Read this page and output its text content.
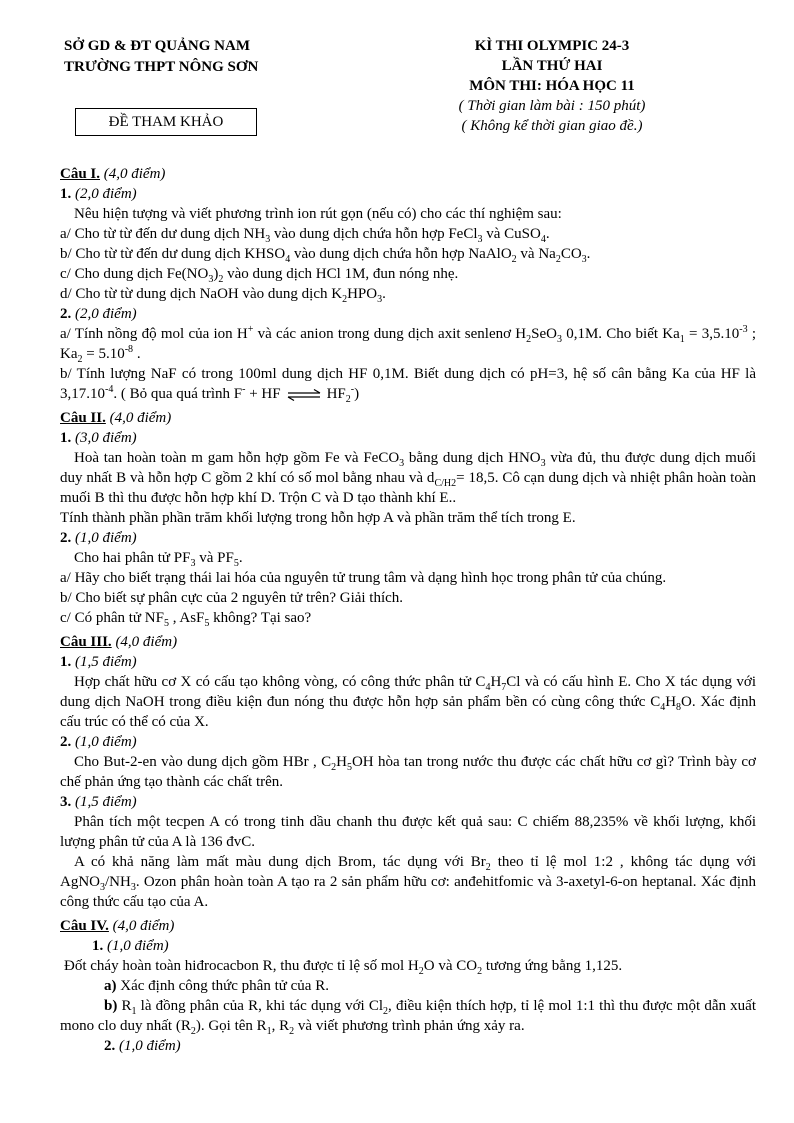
SỞ GD & ĐT QUẢNG NAM
TRƯỜNG THPT NÔNG SƠN
ĐỀ THAM KHẢO
KÌ THI OLYMPIC 24-3
LẦN THỨ HAI
MÔN THI: HÓA HỌC 11
( Thời gian làm bài : 150 phút)
( Không kể thời gian giao đề.)

Câu I. (4,0 điểm)

1. (2,0 điểm)

Nêu hiện tượng và viết phương trình ion rút gọn (nếu có) cho các thí nghiệm sau:

a/ Cho từ từ đến dư dung dịch $NH_3$ vào dung dịch chứa hỗn hợp FeCl$_3$ và CuSO$_4$.

b/ Cho từ từ đến dư dung dịch $KHSO_4$ vào dung dịch chứa hỗn hợp NaAlO$_2$ và $Na_2CO_3$.

c/ Cho dung dịch $Fe(NO_3)_2$ vào dung dịch HCl 1M, đun nóng nhẹ.

d/ Cho từ từ dung dịch NaOH vào dung dịch $K_2HPO_3$.

2. (2,0 điểm)

a/ Tính nồng độ mol của ion H+ và các anion trong dung dịch axit senlenơ $H_2SeO_3$ 0,1M. Cho biết $Ka_1 = 3,5.10^{-3}$ ; $Ka_2 = 5.10^{-8}$ .

b/ Tính lượng NaF có trong 100ml dung dịch HF 0,1M. Biết dung dịch có pH=3, hệ số cân bằng Ka của HF là $3,17.10^{-4}$. ( Bỏ qua quá trình F- + HF ⇌ $HF_2^-$)

Câu II. (4,0 điểm)

1. (3,0 điểm)

Hoà tan hoàn toàn m gam hỗn hợp gồm Fe và FeCO$_3$ bằng dung dịch $HNO_3$ vừa đủ, thu được dung dịch muối duy nhất B và hỗn hợp C gồm 2 khí có số mol bằng nhau và $d_{C/H2}= 18,5$. Cô cạn dung dịch và nhiệt phân hoàn toàn muối B thì thu được hỗn hợp khí D. Trộn C và D tạo thành khí E..

Tính thành phần phần trăm khối lượng trong hỗn hợp A và phần trăm thể tích trong E.

2. (1,0 điểm)

Cho hai phân tử $PF_3$ và $PF_5$.

a/ Hãy cho biết trạng thái lai hóa của nguyên tử trung tâm và dạng hình học trong phân tử của chúng.

b/ Cho biết sự phân cực của 2 nguyên tử trên? Giải thích.

c/ Có phân tử $NF_5$ , AsF$_5$ không? Tại sao?

Câu III. (4,0 điểm)

1. (1,5 điểm)

Hợp chất hữu cơ X có cấu tạo không vòng, có công thức phân tử $C_4H_7Cl$ và có cấu hình E. Cho X tác dụng với dung dịch NaOH trong điều kiện đun nóng thu được hỗn hợp sản phẩm bền có cùng công thức $C_4H_8O$. Xác định cấu trúc có thể có của X.

2. (1,0 điểm)

Cho But-2-en vào dung dịch gồm HBr , $C_2H_5OH$ hòa tan trong nước thu được các chất hữu cơ gì? Trình bày cơ chế phản ứng tạo thành các chất trên.

3. (1,5 điểm)

Phân tích một tecpen A có trong tinh dầu chanh thu được kết quả sau: C chiếm 88,235% về khối lượng, khối lượng phân tử của A là 136 đvC.

A có khả năng làm mất màu dung dịch Brom, tác dụng với $Br_2$ theo tỉ lệ mol 1:2 , không tác dụng với $AgNO_3/NH_3$. Ozon phân hoàn toàn A tạo ra 2 sản phẩm hữu cơ: anđehitfomic và 3-axetyl-6-on heptanal. Xác định công thức cấu tạo của A.

Câu IV. (4,0 điểm)

1. (1,0 điểm)

Đốt cháy hoàn toàn hiđrocacbon R, thu được tỉ lệ số mol $H_2O$ và $CO_2$ tương ứng bằng 1,125.

a) Xác định công thức phân tử của R.

b) $R_1$ là đồng phân của R, khi tác dụng với $Cl_2$, điều kiện thích hợp, tỉ lệ mol 1:1 thì thu được một dẫn xuất mono clo duy nhất $(R_2)$. Gọi tên $R_1$, $R_2$ và viết phương trình phản ứng xảy ra.

2. (1,0 điểm)
